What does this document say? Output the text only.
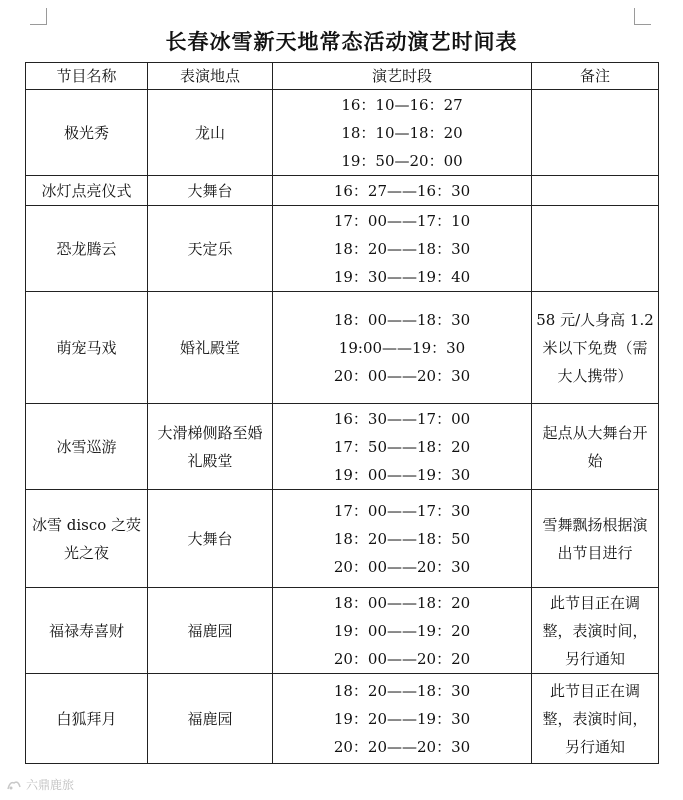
长春冰雪新天地常态活动演艺时间表
节目名称	表演地点	演艺时段	备注
极光秀	龙山	16：10—16：27
18：10—18：20
19：50—20：00	

冰灯点亮仪式	大舞台	16：27——16：30	

恐龙腾云	天定乐	17：00——17：10
18：20——18：30
19：30——19：40	

萌宠马戏	婚礼殿堂	18：00——18：30
19:00——19：30
20：00——20：30	58 元/人身高 1.2 米以下免费（需大人携带）

冰雪巡游	大滑梯侧路至婚礼殿堂	16：30——17：00
17：50——18：20
19：00——19：30	起点从大舞台开始

冰雪 disco 之荧光之夜	大舞台	17：00——17：30
18：20——18：50
20：00——20：30	雪舞飘扬根据演出节目进行

福禄寿喜财	福鹿园	18：00——18：20
19：00——19：20
20：00——20：20	此节目正在调整，表演时间，另行通知

白狐拜月	福鹿园	18：20——18：30
19：20——19：30
20：20——20：30	此节目正在调整，表演时间，另行通知
六鼎鹿旅
